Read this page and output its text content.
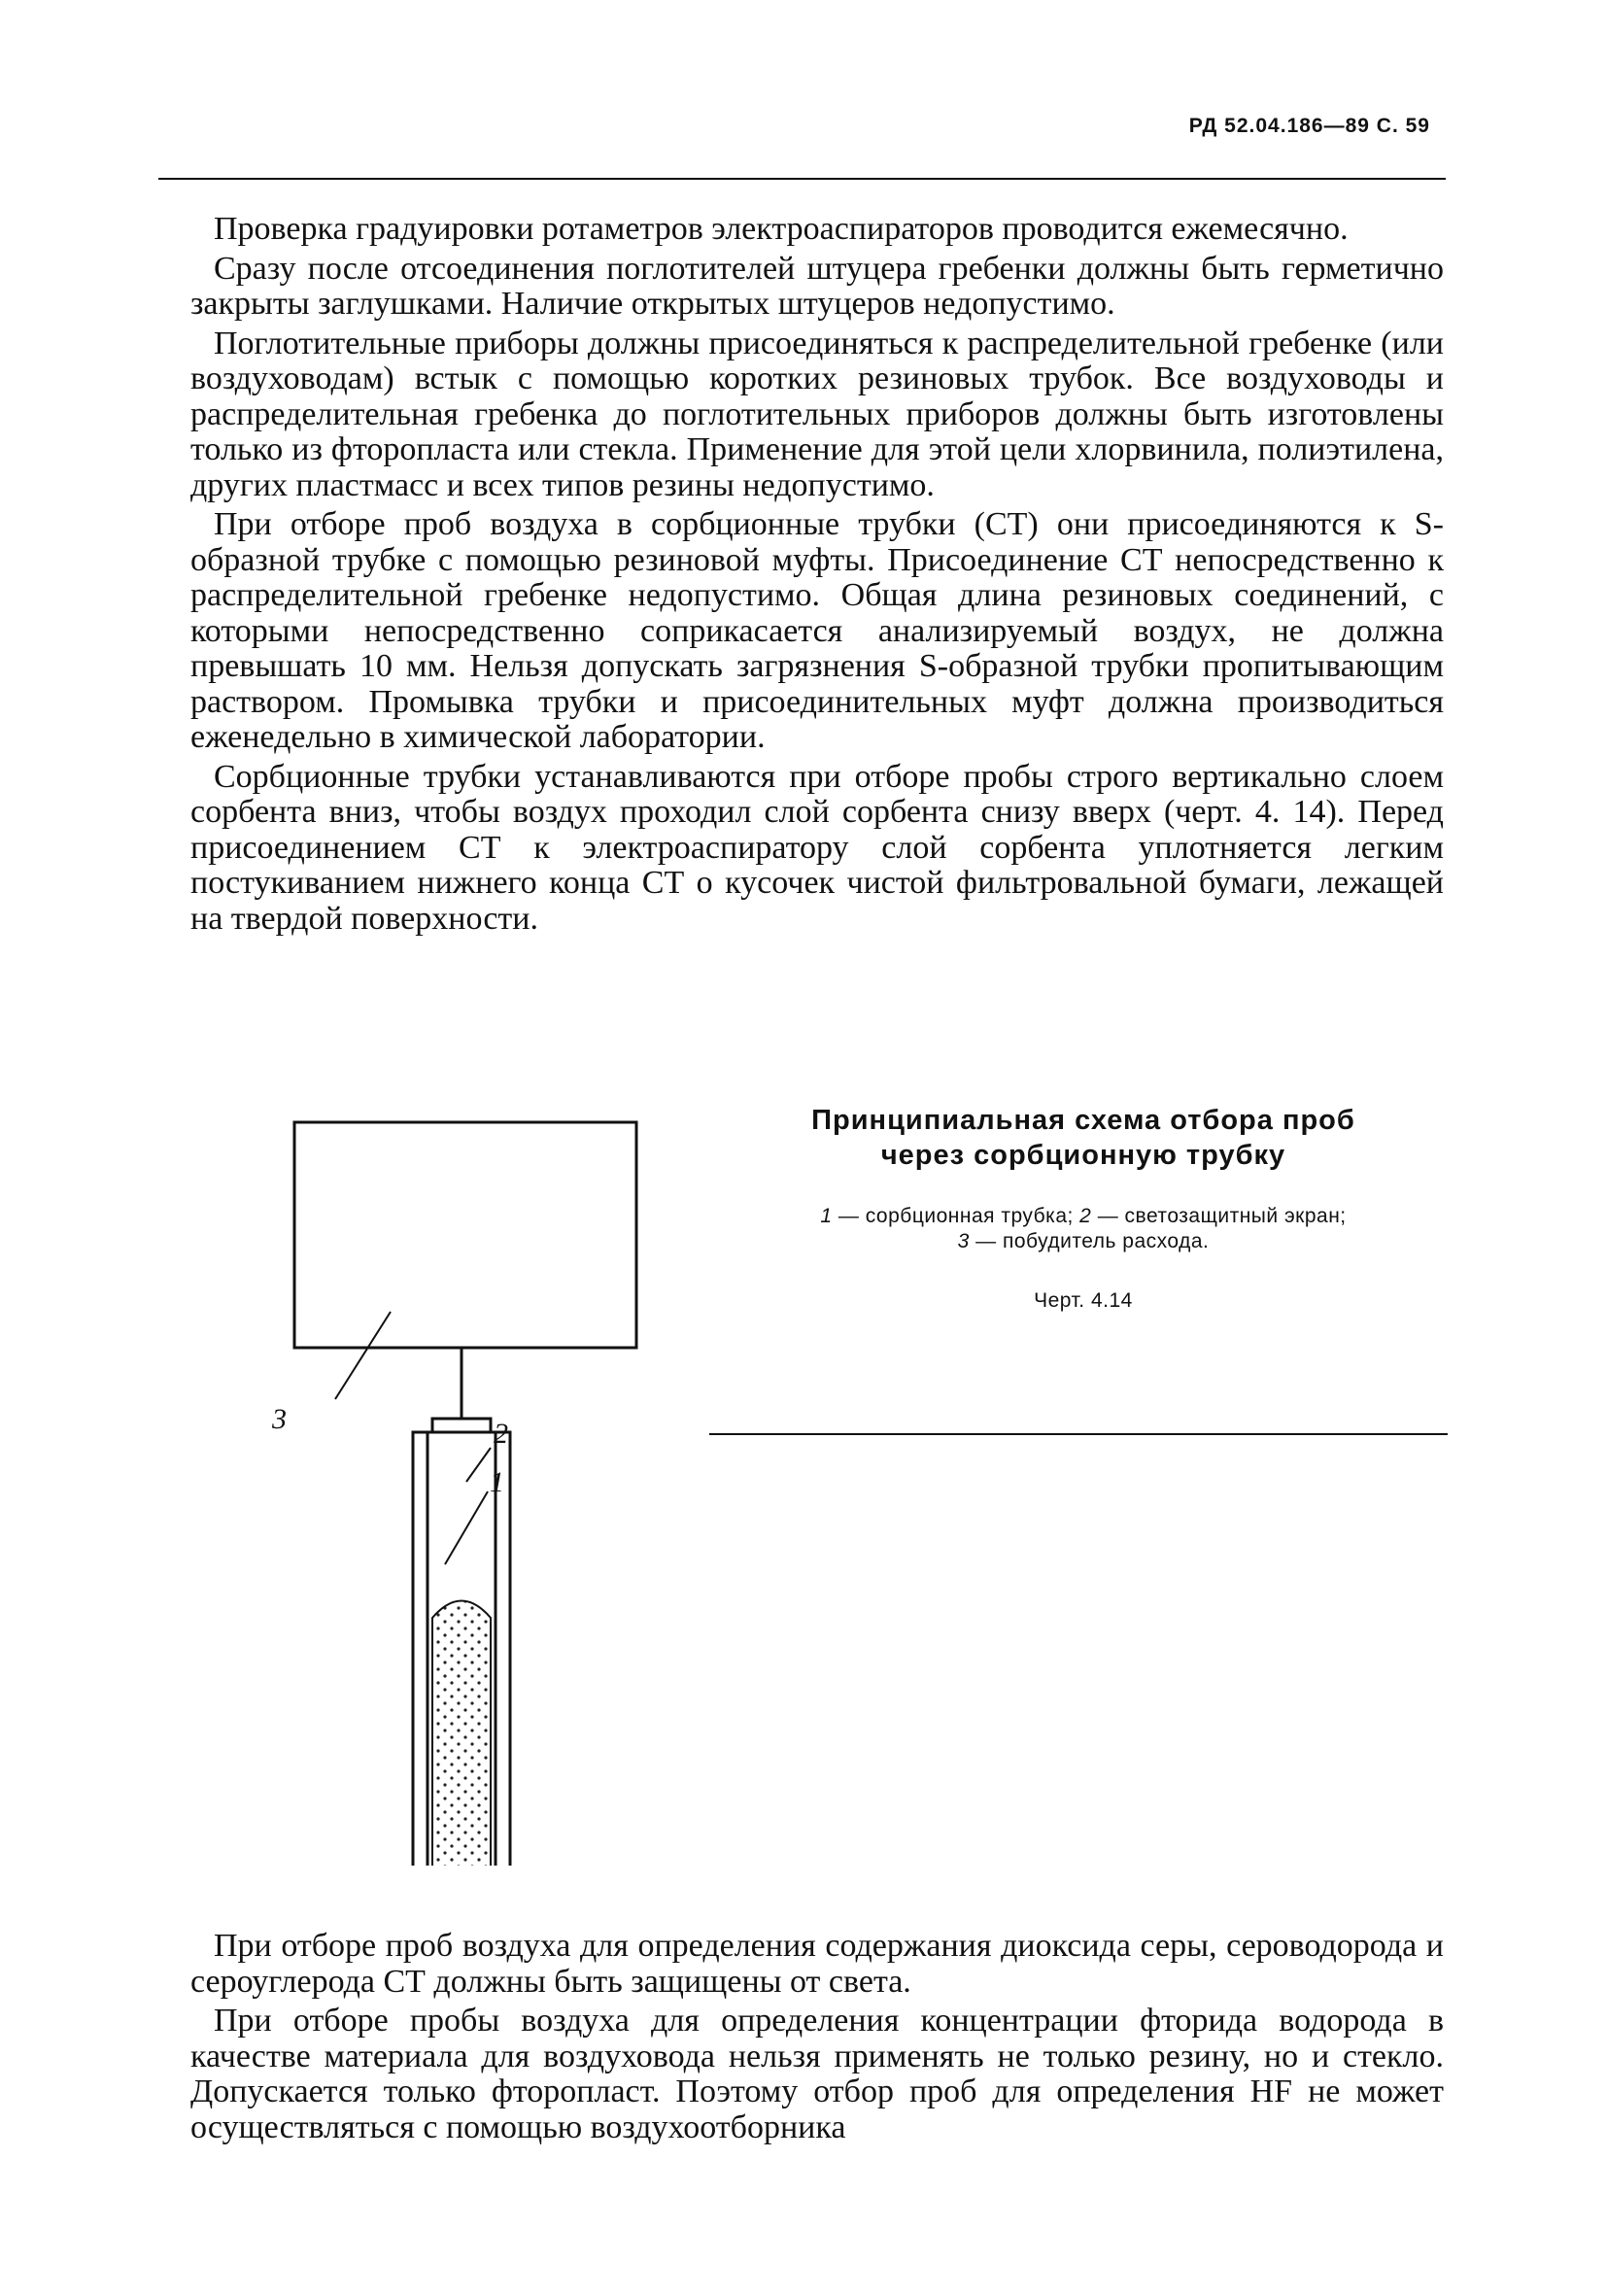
РД 52.04.186—89 С. 59

Проверка градуировки ротаметров электроаспираторов проводится ежемесячно.

Сразу после отсоединения поглотителей штуцера гребенки должны быть герметично закрыты заглушками. Наличие открытых штуцеров недопустимо.

Поглотительные приборы должны присоединяться к распределительной гребенке (или воздуховодам) встык с помощью коротких резиновых трубок. Все воздуховоды и распределительная гребенка до поглотительных приборов должны быть изготовлены только из фторопласта или стекла. Применение для этой цели хлорвинила, полиэтилена, других пластмасс и всех типов резины недопустимо.

При отборе проб воздуха в сорбционные трубки (СТ) они присоединяются к S-образной трубке с помощью резиновой муфты. Присоединение СТ непосредственно к распределительной гребенке недопустимо. Общая длина резиновых соединений, с которыми непосредственно соприкасается анализируемый воздух, не должна превышать 10 мм. Нельзя допускать загрязнения S-образной трубки пропитывающим раствором. Промывка трубки и присоединительных муфт должна производиться еженедельно в химической лаборатории.

Сорбционные трубки устанавливаются при отборе пробы строго вертикально слоем сорбента вниз, чтобы воздух проходил слой сорбента снизу вверх (черт. 4. 14). Перед присоединением СТ к электроаспиратору слой сорбента уплотняется легким постукиванием нижнего конца СТ о кусочек чистой фильтровальной бумаги, лежащей на твердой поверхности.

3	2
1
Принципиальная схема отбора проб
через сорбционную трубку
1 — сорбционная трубка; 2 — светозащитный экран;
3 — побудитель расхода.
Черт. 4.14

При отборе проб воздуха для определения содержания диоксида серы, сероводорода и сероуглерода СТ должны быть защищены от света.

При отборе пробы воздуха для определения концентрации фторида водорода в качестве материала для воздуховода нельзя применять не только резину, но и стекло. Допускается только фторопласт. Поэтому отбор проб для определения HF не может осуществляться с помощью воздухоотборника
